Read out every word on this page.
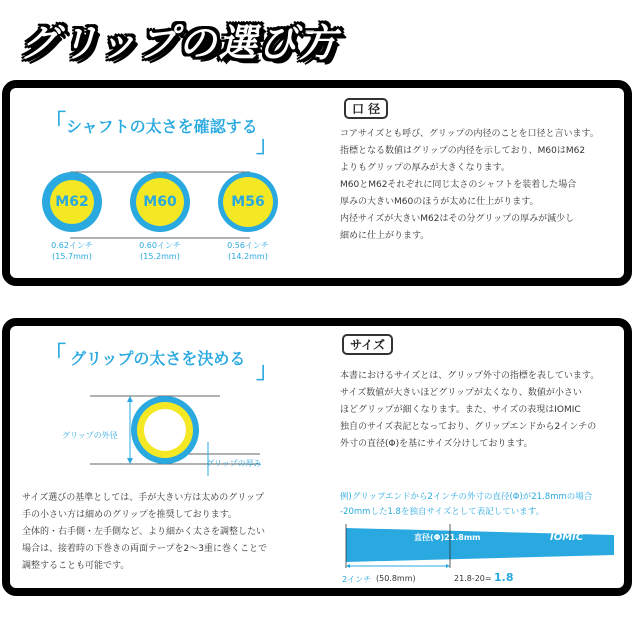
グリップの選び方
「 シャフトの太さを確認する
」
M62	M60	M56
0.62インチ
(15.7mm)
0.60インチ
(15.2mm)
0.56インチ
(14.2mm)
口 径
コアサイズとも呼び、グリップの内径のことを口径と言います。
指標となる数値はグリップの内径を示しており、M60はM62
よりもグリップの厚みが大きくなります。
M60とM62それぞれに同じ太さのシャフトを装着した場合
厚みの大きいM60のほうが太めに仕上がります。
内径サイズが大きいM62はその分グリップの厚みが減少し
細めに仕上がります。
「 グリップの太さを決める
」
グリップの外径
グリップの厚み
サイズ選びの基準としては、手が大きい方は太めのグリップ
手の小さい方は細めのグリップを推奨しております。
全体的・右手側・左手側など、より細かく太さを調整したい
場合は、接着時の下巻きの両面テープを2〜3重に巻くことで
調整することも可能です。
サイズ
本書におけるサイズとは、グリップ外寸の指標を表しています。
サイズ数値が大きいほどグリップが太くなり、数値が小さい
ほどグリップが細くなります。また、サイズの表現はIOMIC
独自のサイズ表記となっており、グリップエンドから2インチの
外寸の直径(Φ)を基にサイズ分けしております。
例)グリップエンドから2インチの外寸の直径(Φ)が21.8mmの場合
-20mmした1.8を独自サイズとして表記しています。
直径(Φ)21.8mm	IOMIC
2インチ (50.8mm)	21.8-20= 1.8
